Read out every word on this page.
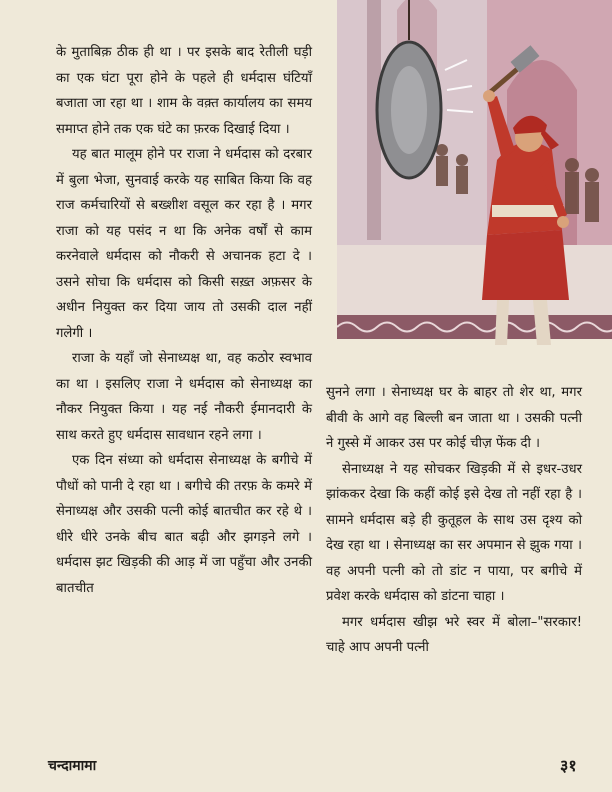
के मुताबिक़ ठीक ही था । पर इसके बाद रेतीली घड़ी का एक घंटा पूरा होने के पहले ही धर्मदास घंटियाँ बजाता जा रहा था । शाम के वक़्त कार्यालय का समय समाप्त होने तक एक घंटे का फ़रक दिखाई दिया ।

यह बात मालूम होने पर राजा ने धर्मदास को दरबार में बुला भेजा, सुनवाई करके यह साबित किया कि वह राज कर्मचारियों से बख्शीश वसूल कर रहा है । मगर राजा को यह पसंद न था कि अनेक वर्षों से काम करनेवाले धर्मदास को नौकरी से अचानक हटा दे । उसने सोचा कि धर्मदास को किसी सख़्त अफ़सर के अधीन नियुक्त कर दिया जाय तो उसकी दाल नहीं गलेगी ।

राजा के यहाँ जो सेनाध्यक्ष था, वह कठोर स्वभाव का था । इसलिए राजा ने धर्मदास को सेनाध्यक्ष का नौकर नियुक्त किया । यह नई नौकरी ईमानदारी के साथ करते हुए धर्मदास सावधान रहने लगा ।

एक दिन संध्या को धर्मदास सेनाध्यक्ष के बगीचे में पौधों को पानी दे रहा था । बगीचे की तरफ़ के कमरे में सेनाध्यक्ष और उसकी पत्नी कोई बातचीत कर रहे थे । धीरे धीरे उनके बीच बात बढ़ी और झगड़ने लगे । धर्मदास झट खिड़की की आड़ में जा पहुँचा और उनकी बातचीत

सुनने लगा । सेनाध्यक्ष घर के बाहर तो शेर था, मगर बीवी के आगे वह बिल्ली बन जाता था । उसकी पत्नी ने गुस्से में आकर उस पर कोई चीज़ फेंक दी ।

सेनाध्यक्ष ने यह सोचकर खिड़की में से इधर-उधर झांककर देखा कि कहीं कोई इसे देख तो नहीं रहा है । सामने धर्मदास बड़े ही कुतूहल के साथ उस दृश्य को देख रहा था । सेनाध्यक्ष का सर अपमान से झुक गया । वह अपनी पत्नी को तो डांट न पाया, पर बगीचे में प्रवेश करके धर्मदास को डांटना चाहा ।

मगर धर्मदास खीझ भरे स्वर में बोला–"सरकार! चाहे आप अपनी पत्नी

चन्दामामा	३१
